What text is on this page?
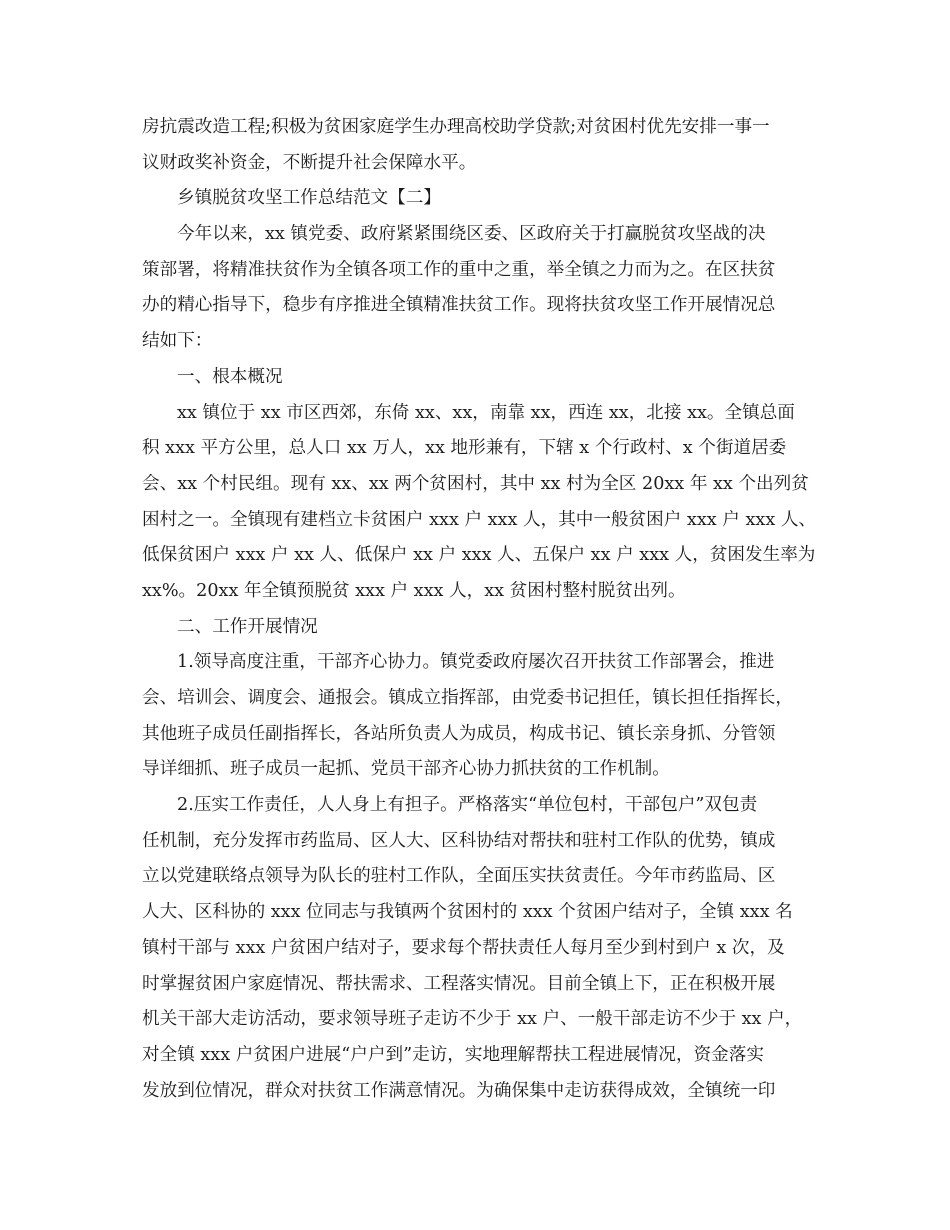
房抗震改造工程;积极为贫困家庭学生办理高校助学贷款;对贫困村优先安排一事一
议财政奖补资金，不断提升社会保障水平。
乡镇脱贫攻坚工作总结范文【二】
今年以来，xx 镇党委、政府紧紧围绕区委、区政府关于打赢脱贫攻坚战的决
策部署，将精准扶贫作为全镇各项工作的重中之重，举全镇之力而为之。在区扶贫
办的精心指导下，稳步有序推进全镇精准扶贫工作。现将扶贫攻坚工作开展情况总
结如下：
一、根本概况
xx 镇位于 xx 市区西郊，东倚 xx、xx，南靠 xx，西连 xx，北接 xx。全镇总面
积 xxx 平方公里，总人口 xx 万人，xx 地形兼有，下辖 x 个行政村、x 个街道居委
会、xx 个村民组。现有 xx、xx 两个贫困村，其中 xx 村为全区 20xx 年 xx 个出列贫
困村之一。全镇现有建档立卡贫困户 xxx 户 xxx 人，其中一般贫困户 xxx 户 xxx 人、
低保贫困户 xxx 户 xx 人、低保户 xx 户 xxx 人、五保户 xx 户 xxx 人，贫困发生率为
xx%。20xx 年全镇预脱贫 xxx 户 xxx 人，xx 贫困村整村脱贫出列。
二、工作开展情况
1.领导高度注重，干部齐心协力。镇党委政府屡次召开扶贫工作部署会，推进
会、培训会、调度会、通报会。镇成立指挥部，由党委书记担任，镇长担任指挥长，
其他班子成员任副指挥长，各站所负责人为成员，构成书记、镇长亲身抓、分管领
导详细抓、班子成员一起抓、党员干部齐心协力抓扶贫的工作机制。
2.压实工作责任，人人身上有担子。严格落实“单位包村，干部包户”双包责
任机制，充分发挥市药监局、区人大、区科协结对帮扶和驻村工作队的优势，镇成
立以党建联络点领导为队长的驻村工作队，全面压实扶贫责任。今年市药监局、区
人大、区科协的 xxx 位同志与我镇两个贫困村的 xxx 个贫困户结对子，全镇 xxx 名
镇村干部与 xxx 户贫困户结对子，要求每个帮扶责任人每月至少到村到户 x 次，及
时掌握贫困户家庭情况、帮扶需求、工程落实情况。目前全镇上下，正在积极开展
机关干部大走访活动，要求领导班子走访不少于 xx 户、一般干部走访不少于 xx 户，
对全镇 xxx 户贫困户进展“户户到”走访，实地理解帮扶工程进展情况，资金落实
发放到位情况，群众对扶贫工作满意情况。为确保集中走访获得成效，全镇统一印
